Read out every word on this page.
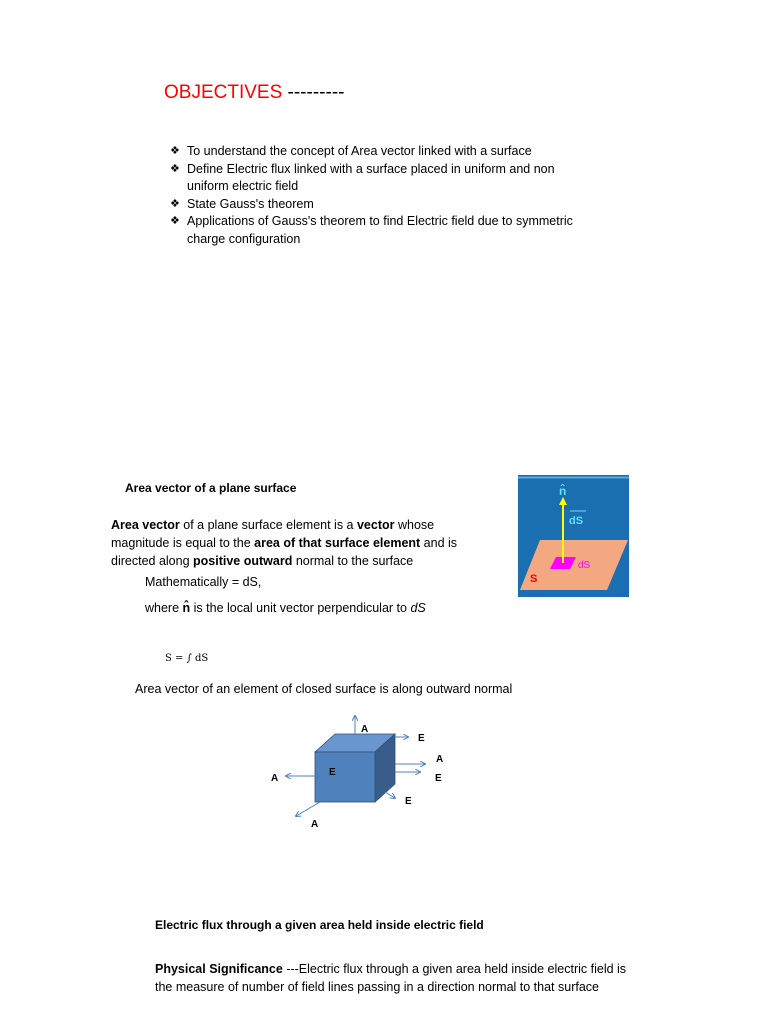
OBJECTIVES ---------
❖ To understand the concept of Area vector linked with a surface
❖ Define Electric flux linked with a surface placed in uniform and non uniform electric field
❖ State Gauss's theorem
❖ Applications of Gauss's theorem to find Electric field due to symmetric charge configuration
Area vector of a plane surface
Area vector of a plane surface element is a vector whose magnitude is equal to the area of that surface element and is directed along positive outward normal to the surface
Mathematically = dS,
where n̂ is the local unit vector perpendicular to dS
S = ∫ dS
Area vector of an element of closed surface is along outward normal
n̂
dS
dS
S
A
E
A
E
E
A
E
A
Electric flux through a given area held inside electric field
Physical Significance ---Electric flux through a given area held inside electric field is the measure of number of field lines passing in a direction normal to that surface
